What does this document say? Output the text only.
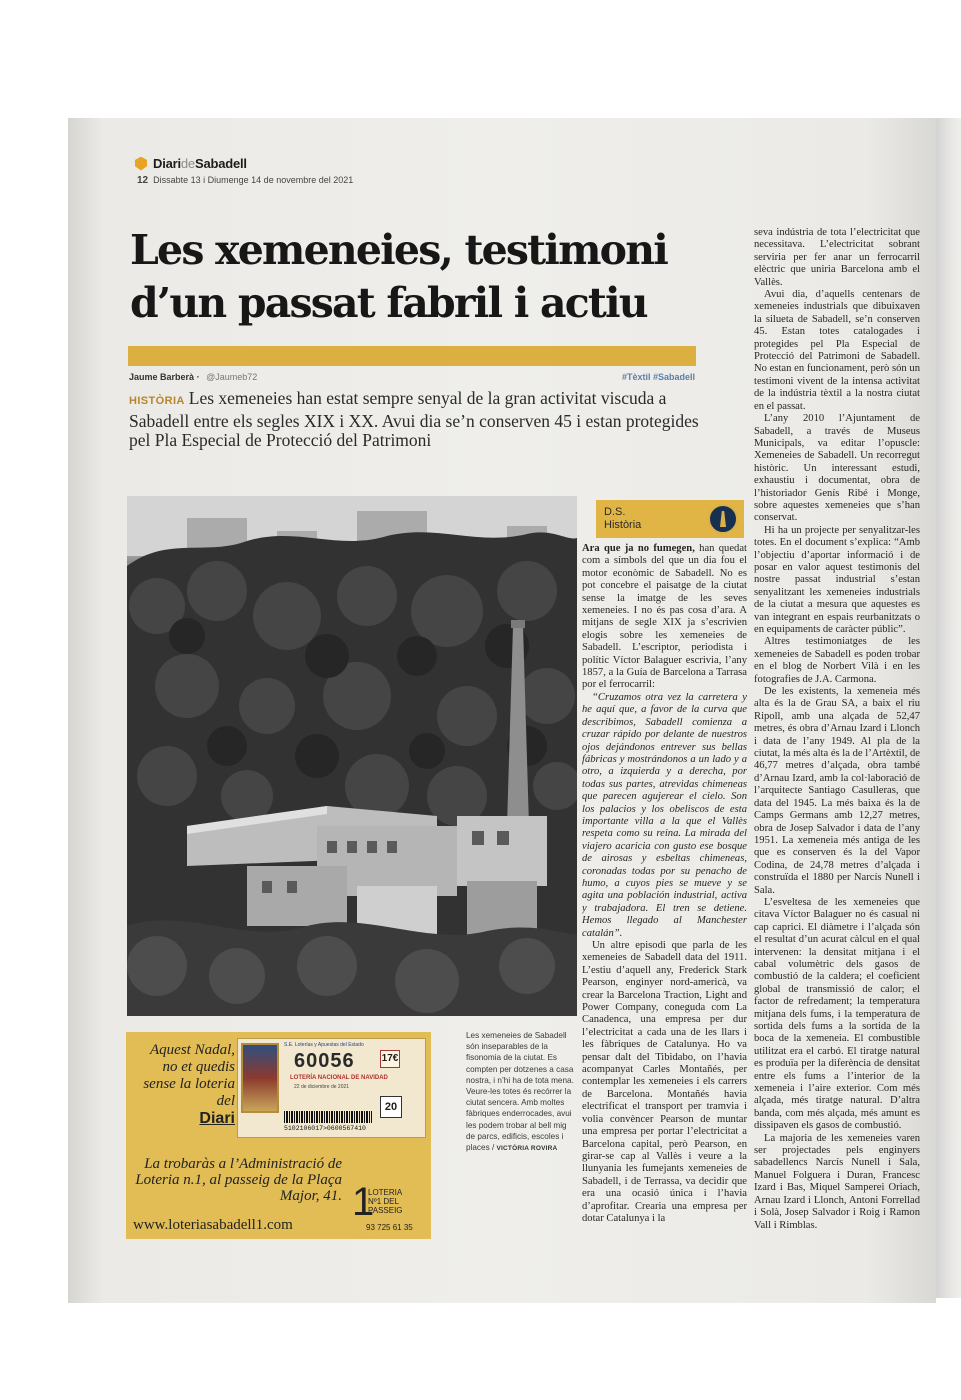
DiarideSabadell
12 Dissabte 13 i Diumenge 14 de novembre del 2021
Les xemeneies, testimoni d’un passat fabril i actiu
Jaume Barberà · @Jaumeb72	#Tèxtil #Sabadell
HISTÒRIA Les xemeneies han estat sempre senyal de la gran activitat viscuda a Sabadell entre els segles XIX i XX. Avui dia se’n conserven 45 i estan protegides pel Pla Especial de Protecció del Patrimoni
D.S.
Història

Ara que ja no fumegen, han quedat com a símbols del que un dia fou el motor econòmic de Sabadell. No es pot concebre el paisatge de la ciutat sense la imatge de les seves xemeneies. I no és pas cosa d’ara. A mitjans de segle XIX ja s’escrivien elogis sobre les xemeneies de Sabadell. L’escriptor, periodista i polític Víctor Balaguer escrivia, l’any 1857, a la Guía de Barcelona a Tarrasa por el ferrocarril:

“Cruzamos otra vez la carretera y he aquí que, a favor de la curva que describimos, Sabadell comienza a cruzar rápido por delante de nuestros ojos dejándonos entrever sus bellas fábricas y mostrándonos a un lado y a otro, a izquierda y a derecha, por todas sus partes, atrevidas chimeneas que parecen agujerear el cielo. Son los palacios y los obeliscos de esta importante villa a la que el Vallès respeta como su reina. La mirada del viajero acaricia con gusto ese bosque de airosas y esbeltas chimeneas, coronadas todas por su penacho de humo, a cuyos pies se mueve y se agita una población industrial, activa y trabajadora. El tren se detiene. Hemos llegado al Manchester catalán”.

Un altre episodi que parla de les xemeneies de Sabadell data del 1911. L’estiu d’aquell any, Frederick Stark Pearson, enginyer nord-americà, va crear la Barcelona Traction, Light and Power Company, coneguda com La Canadenca, una empresa per dur l’electricitat a cada una de les llars i les fàbriques de Catalunya. Ho va pensar dalt del Tibidabo, on l’havia acompanyat Carles Montañés, per contemplar les xemeneies i els carrers de Barcelona. Montañés havia electrificat el transport per tramvia i volia convèncer Pearson de muntar una empresa per portar l’electricitat a Barcelona capital, però Pearson, en girar-se cap al Vallès i veure a la llunyania les fumejants xemeneies de Sabadell, i de Terrassa, va decidir que era una ocasió única i l’havia d’aprofitar. Crearia una empresa per dotar Catalunya i la

seva indústria de tota l’electricitat que necessitava. L’electricitat sobrant serviria per fer anar un ferrocarril elèctric que uniria Barcelona amb el Vallès.

Avui dia, d’aquells centenars de xemeneies industrials que dibuixaven la silueta de Sabadell, se’n conserven 45. Estan totes catalogades i protegides pel Pla Especial de Protecció del Patrimoni de Sabadell. No estan en funcionament, però són un testimoni vivent de la intensa activitat de la indústria tèxtil a la nostra ciutat en el passat.

L’any 2010 l’Ajuntament de Sabadell, a través de Museus Municipals, va editar l’opuscle: Xemeneies de Sabadell. Un recorregut històric. Un interessant estudi, exhaustiu i documentat, obra de l’historiador Genís Ribé i Monge, sobre aquestes xemeneies que s’han conservat.

Hi ha un projecte per senyalitzar-les totes. En el document s’explica: “Amb l’objectiu d’aportar informació i de posar en valor aquest testimonis del nostre passat industrial s’estan senyalitzant les xemeneies industrials de la ciutat a mesura que aquestes es van integrant en espais reurbanitzats o en equipaments de caràcter públic”.

Altres testimoniatges de les xemeneies de Sabadell es poden trobar en el blog de Norbert Vilà i en les fotografies de J.A. Carmona.

De les existents, la xemeneia més alta és la de Grau SA, a baix el riu Ripoll, amb una alçada de 52,47 metres, és obra d’Arnau Izard i Llonch i data de l’any 1949. Al pla de la ciutat, la més alta és la de l’Artèxtil, de 46,77 metres d’alçada, obra també d’Arnau Izard, amb la col·laboració de l’arquitecte Santiago Casulleras, que data del 1945. La més baixa és la de Camps Germans amb 12,27 metres, obra de Josep Salvador i data de l’any 1951. La xemeneia més antiga de les que es conserven és la del Vapor Codina, de 24,78 metres d’alçada i construïda el 1880 per Narcís Nunell i Sala.

L’esveltesa de les xemeneies que citava Víctor Balaguer no és casual ni cap caprici. El diàmetre i l’alçada són el resultat d’un acurat càlcul en el qual intervenen: la densitat mitjana i el cabal volumètric dels gasos de combustió de la caldera; el coeficient global de transmissió de calor; el factor de refredament; la temperatura mitjana dels fums, i la temperatura de sortida dels fums a la sortida de la boca de la xemeneia. El combustible utilitzat era el carbó. El tiratge natural es produïa per la diferència de densitat entre els fums a l’interior de la xemeneia i l’aire exterior. Com més alçada, més tiratge natural. D’altra banda, com més alçada, més amunt es dissipaven els gasos de combustió.

La majoria de les xemeneies varen ser projectades pels enginyers sabadellencs Narcís Nunell i Sala, Manuel Folguera i Duran, Francesc Izard i Bas, Miquel Samperei Oriach, Arnau Izard i Llonch, Antoni Forrellad i Solà, Josep Salvador i Roig i Ramon Vall i Rimblas.

Aquest Nadal, no et quedis sense la loteria del
Diari
S.E. Loterías y Apuestas del Estado
60056
LOTERÍA NACIONAL DE NAVIDAD
22 de diciembre de 2021
17€
20
5102106017>0600567410
La trobaràs a l’Administració de Loteria n.1, al passeig de la Plaça Major, 41.
www.loteriasabadell1.com
1
LOTERIA
Nº1 DEL
PASSEIG
93 725 61 35
Les xemeneies de Sabadell són inseparables de la fisonomia de la ciutat. Es compten per dotzenes a casa nostra, i n’hi ha de tota mena. Veure-les totes és recórrer la ciutat sencera. Amb moltes fàbriques enderrocades, avui les podem trobar al bell mig de parcs, edificis, escoles i places / VICTÒRIA ROVIRA
